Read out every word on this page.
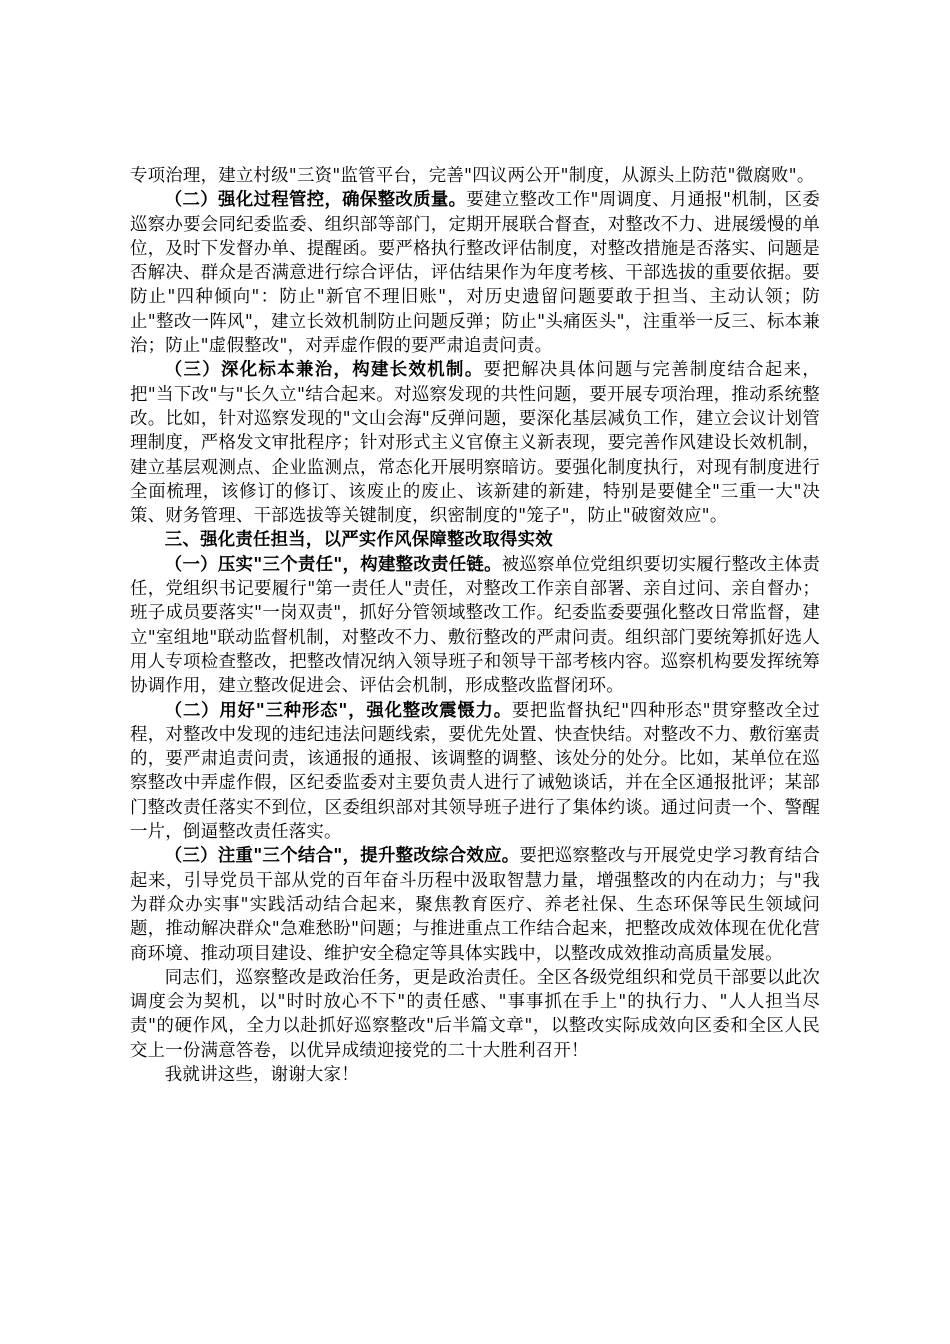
专项治理，建立村级"三资"监管平台，完善"四议两公开"制度，从源头上防范"微腐败"。

（二）强化过程管控，确保整改质量。要建立整改工作"周调度、月通报"机制，区委巡察办要会同纪委监委、组织部等部门，定期开展联合督查，对整改不力、进展缓慢的单位，及时下发督办单、提醒函。要严格执行整改评估制度，对整改措施是否落实、问题是否解决、群众是否满意进行综合评估，评估结果作为年度考核、干部选拔的重要依据。要防止"四种倾向"：防止"新官不理旧账"，对历史遗留问题要敢于担当、主动认领；防止"整改一阵风"，建立长效机制防止问题反弹；防止"头痛医头"，注重举一反三、标本兼治；防止"虚假整改"，对弄虚作假的要严肃追责问责。

（三）深化标本兼治，构建长效机制。要把解决具体问题与完善制度结合起来，把"当下改"与"长久立"结合起来。对巡察发现的共性问题，要开展专项治理，推动系统整改。比如，针对巡察发现的"文山会海"反弹问题，要深化基层减负工作，建立会议计划管理制度，严格发文审批程序；针对形式主义官僚主义新表现，要完善作风建设长效机制，建立基层观测点、企业监测点，常态化开展明察暗访。要强化制度执行，对现有制度进行全面梳理，该修订的修订、该废止的废止、该新建的新建，特别是要健全"三重一大"决策、财务管理、干部选拔等关键制度，织密制度的"笼子"，防止"破窗效应"。

三、强化责任担当，以严实作风保障整改取得实效

（一）压实"三个责任"，构建整改责任链。被巡察单位党组织要切实履行整改主体责任，党组织书记要履行"第一责任人"责任，对整改工作亲自部署、亲自过问、亲自督办；班子成员要落实"一岗双责"，抓好分管领域整改工作。纪委监委要强化整改日常监督，建立"室组地"联动监督机制，对整改不力、敷衍整改的严肃问责。组织部门要统筹抓好选人用人专项检查整改，把整改情况纳入领导班子和领导干部考核内容。巡察机构要发挥统筹协调作用，建立整改促进会、评估会机制，形成整改监督闭环。

（二）用好"三种形态"，强化整改震慑力。要把监督执纪"四种形态"贯穿整改全过程，对整改中发现的违纪违法问题线索，要优先处置、快查快结。对整改不力、敷衍塞责的，要严肃追责问责，该通报的通报、该调整的调整、该处分的处分。比如，某单位在巡察整改中弄虚作假，区纪委监委对主要负责人进行了诫勉谈话，并在全区通报批评；某部门整改责任落实不到位，区委组织部对其领导班子进行了集体约谈。通过问责一个、警醒一片，倒逼整改责任落实。

（三）注重"三个结合"，提升整改综合效应。要把巡察整改与开展党史学习教育结合起来，引导党员干部从党的百年奋斗历程中汲取智慧力量，增强整改的内在动力；与"我为群众办实事"实践活动结合起来，聚焦教育医疗、养老社保、生态环保等民生领域问题，推动解决群众"急难愁盼"问题；与推进重点工作结合起来，把整改成效体现在优化营商环境、推动项目建设、维护安全稳定等具体实践中，以整改成效推动高质量发展。

同志们，巡察整改是政治任务，更是政治责任。全区各级党组织和党员干部要以此次调度会为契机，以"时时放心不下"的责任感、"事事抓在手上"的执行力、"人人担当尽责"的硬作风，全力以赴抓好巡察整改"后半篇文章"，以整改实际成效向区委和全区人民交上一份满意答卷，以优异成绩迎接党的二十大胜利召开！

我就讲这些，谢谢大家！
